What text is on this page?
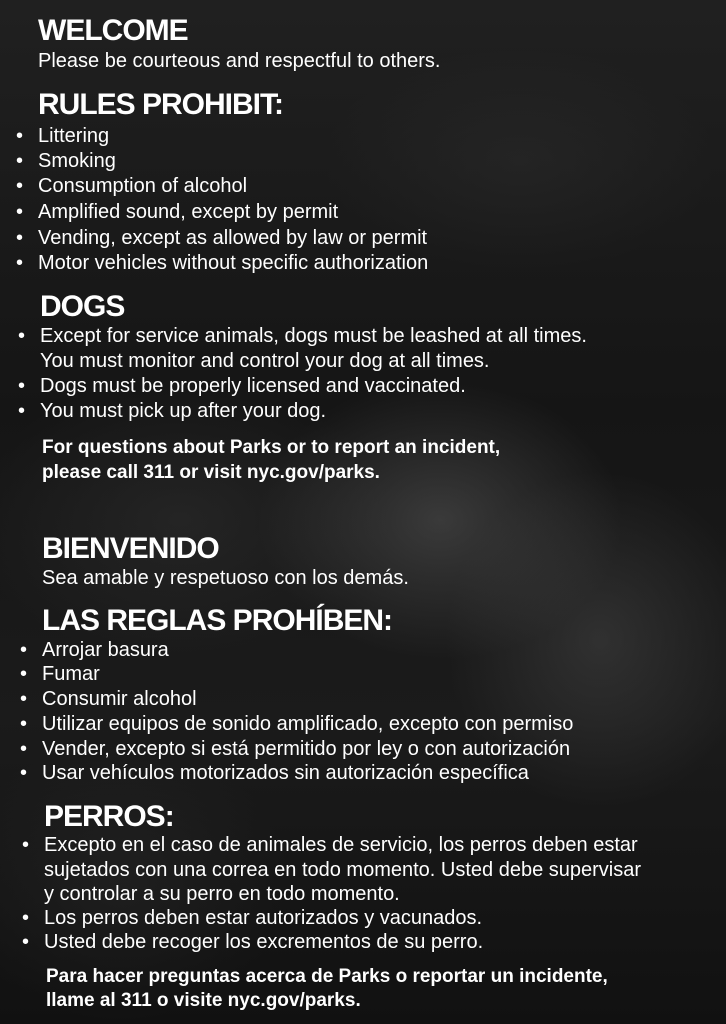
WELCOME
Please be courteous and respectful to others.
RULES PROHIBIT:
• Littering
• Smoking
• Consumption of alcohol
• Amplified sound, except by permit
• Vending, except as allowed by law or permit
• Motor vehicles without specific authorization
DOGS
• Except for service animals, dogs must be leashed at all times.
You must monitor and control your dog at all times.
• Dogs must be properly licensed and vaccinated.
• You must pick up after your dog.
For questions about Parks or to report an incident,
please call 311 or visit nyc.gov/parks.
BIENVENIDO
Sea amable y respetuoso con los demás.
LAS REGLAS PROHÍBEN:
• Arrojar basura
• Fumar
• Consumir alcohol
• Utilizar equipos de sonido amplificado, excepto con permiso
• Vender, excepto si está permitido por ley o con autorización
• Usar vehículos motorizados sin autorización específica
PERROS:
• Excepto en el caso de animales de servicio, los perros deben estar
sujetados con una correa en todo momento. Usted debe supervisar
y controlar a su perro en todo momento.
• Los perros deben estar autorizados y vacunados.
• Usted debe recoger los excrementos de su perro.
Para hacer preguntas acerca de Parks o reportar un incidente,
llame al 311 o visite nyc.gov/parks.
